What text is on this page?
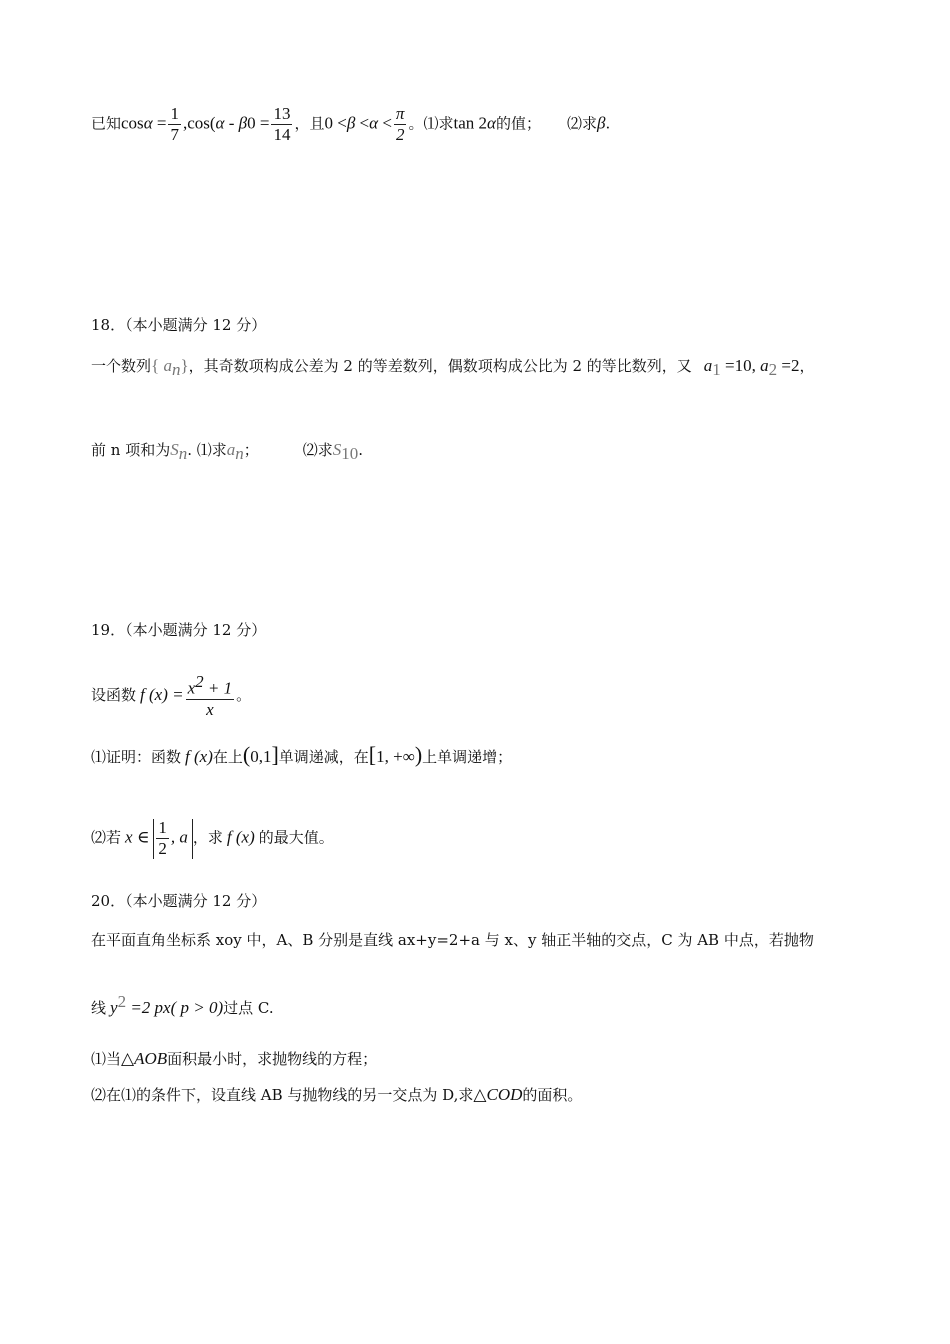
已知$\cos\alpha = \frac{1}{7} ,\cos(\alpha - \beta 0 = \frac{13}{14}$ ，且$0 <\beta <\alpha < \frac{\pi}{2}$ 。⑴求tan 2α的值； ⑵求β.
18．（本小题满分 12 分）
一个数列{ $a_n$}，其奇数项构成公差为 2 的等差数列，偶数项构成公比为 2 的等比数列，又 $a_1 =10$, $a_2 =2$，
前 n 项和为$S_n$. ⑴求$a_n$；	⑵求$S_{10}$.
19．（本小题满分 12 分）
设函数 f $(x) = \frac{x^2 + 1}{x}$ 。
⑴证明：函数 f (x)在上(0,1]单调递减，在[1, +∞)上单调递增；
⑵若 x ∈ $\frac{1}{2}$ , a ，求 f (x) 的最大值。
20．（本小题满分 12 分）
在平面直角坐标系 xoy 中，A、B 分别是直线 ax+y=2+a 与 x、y 轴正半轴的交点，C 为 AB 中点，若抛物
线 $y^2 =2$ px( p > 0)过点 C.
⑴当△AOB面积最小时，求抛物线的方程；
⑵在⑴的条件下，设直线 AB 与抛物线的另一交点为 D,求△COD的面积。
